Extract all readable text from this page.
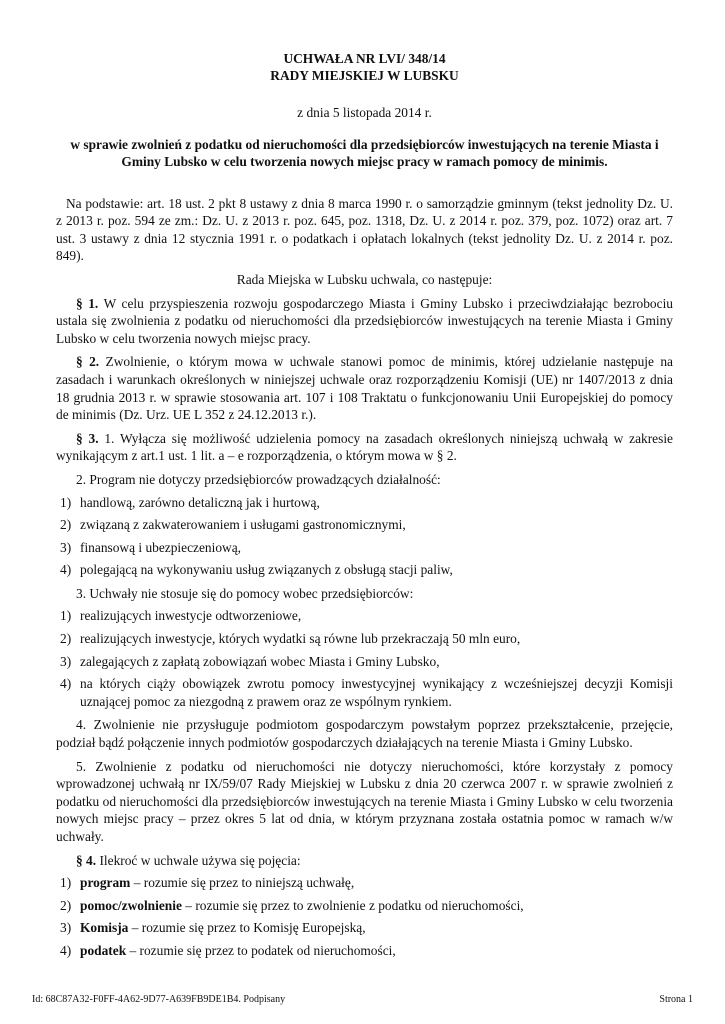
UCHWAŁA NR LVI/ 348/14
RADY MIEJSKIEJ W LUBSKU
z dnia 5 listopada 2014 r.
w sprawie zwolnień z podatku od nieruchomości dla przedsiębiorców inwestujących na terenie Miasta i Gminy Lubsko w celu tworzenia nowych miejsc pracy w ramach pomocy de minimis.

Na podstawie: art. 18 ust. 2 pkt 8 ustawy z dnia 8 marca 1990 r. o samorządzie gminnym (tekst jednolity Dz. U. z 2013 r. poz. 594 ze zm.: Dz. U. z 2013 r. poz. 645, poz. 1318, Dz. U. z 2014 r. poz. 379, poz. 1072) oraz art. 7 ust. 3 ustawy z dnia 12 stycznia 1991 r. o podatkach i opłatach lokalnych (tekst jednolity Dz. U. z 2014 r. poz. 849).

Rada Miejska w Lubsku uchwala, co następuje:

§ 1. W celu przyspieszenia rozwoju gospodarczego Miasta i Gminy Lubsko i przeciwdziałając bezrobociu ustala się zwolnienia z podatku od nieruchomości dla przedsiębiorców inwestujących na terenie Miasta i Gminy Lubsko w celu tworzenia nowych miejsc pracy.

§ 2. Zwolnienie, o którym mowa w uchwale stanowi pomoc de minimis, której udzielanie następuje na zasadach i warunkach określonych w niniejszej uchwale oraz rozporządzeniu Komisji (UE) nr 1407/2013 z dnia 18 grudnia 2013 r. w sprawie stosowania art. 107 i 108 Traktatu o funkcjonowaniu Unii Europejskiej do pomocy de minimis (Dz. Urz. UE L 352 z 24.12.2013 r.).

§ 3. 1. Wyłącza się możliwość udzielenia pomocy na zasadach określonych niniejszą uchwałą w zakresie wynikającym z art.1 ust. 1 lit. a – e rozporządzenia, o którym mowa w § 2.

2. Program nie dotyczy przedsiębiorców prowadzących działalność:

1) handlową, zarówno detaliczną jak i hurtową,

2) związaną z zakwaterowaniem i usługami gastronomicznymi,

3) finansową i ubezpieczeniową,

4) polegającą na wykonywaniu usług związanych z obsługą stacji paliw,

3. Uchwały nie stosuje się do pomocy wobec przedsiębiorców:

1) realizujących inwestycje odtworzeniowe,

2) realizujących inwestycje, których wydatki są równe lub przekraczają 50 mln euro,

3) zalegających z zapłatą zobowiązań wobec Miasta i Gminy Lubsko,

4) na których ciąży obowiązek zwrotu pomocy inwestycyjnej wynikający z wcześniejszej decyzji Komisji uznającej pomoc za niezgodną z prawem oraz ze wspólnym rynkiem.

4. Zwolnienie nie przysługuje podmiotom gospodarczym powstałym poprzez przekształcenie, przejęcie, podział bądź połączenie innych podmiotów gospodarczych działających na terenie Miasta i Gminy Lubsko.

5. Zwolnienie z podatku od nieruchomości nie dotyczy nieruchomości, które korzystały z pomocy wprowadzonej uchwałą nr IX/59/07 Rady Miejskiej w Lubsku z dnia 20 czerwca 2007 r. w sprawie zwolnień z podatku od nieruchomości dla przedsiębiorców inwestujących na terenie Miasta i Gminy Lubsko w celu tworzenia nowych miejsc pracy – przez okres 5 lat od dnia, w którym przyznana została ostatnia pomoc w ramach w/w uchwały.

§ 4. Ilekroć w uchwale używa się pojęcia:

1) program – rozumie się przez to niniejszą uchwałę,

2) pomoc/zwolnienie – rozumie się przez to zwolnienie z podatku od nieruchomości,

3) Komisja – rozumie się przez to Komisję Europejską,

4) podatek – rozumie się przez to podatek od nieruchomości,

Id: 68C87A32-F0FF-4A62-9D77-A639FB9DE1B4. Podpisany	Strona 1
